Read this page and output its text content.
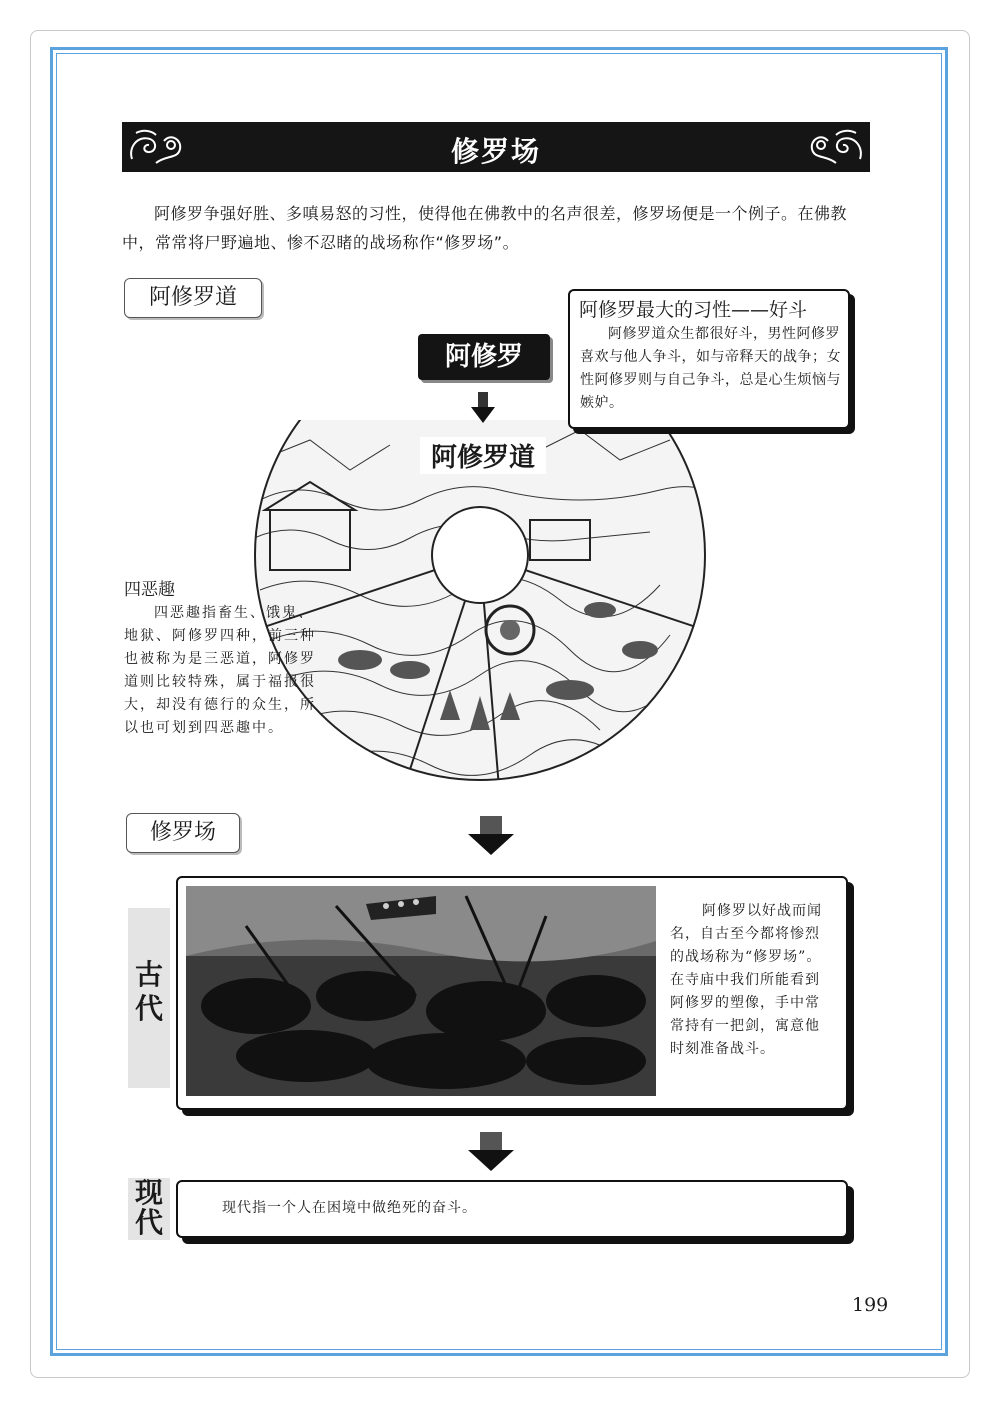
修罗场
阿修罗争强好胜、多嗔易怒的习性，使得他在佛教中的名声很差，修罗场便是一个例子。在佛教中，常常将尸野遍地、惨不忍睹的战场称作“修罗场”。
阿修罗道
阿修罗道
阿修罗
阿修罗最大的习性——好斗
阿修罗道众生都很好斗，男性阿修罗喜欢与他人争斗，如与帝释天的战争；女性阿修罗则与自己争斗，总是心生烦恼与嫉妒。
四恶趣
四恶趣指畜生、饿鬼、地狱、阿修罗四种，前三种也被称为是三恶道，阿修罗道则比较特殊，属于福报很大，却没有德行的众生，所以也可划到四恶趣中。
修罗场
古代
阿修罗以好战而闻名，自古至今都将惨烈的战场称为“修罗场”。在寺庙中我们所能看到阿修罗的塑像，手中常常持有一把剑，寓意他时刻准备战斗。
现代	现代指一个人在困境中做绝死的奋斗。
199
